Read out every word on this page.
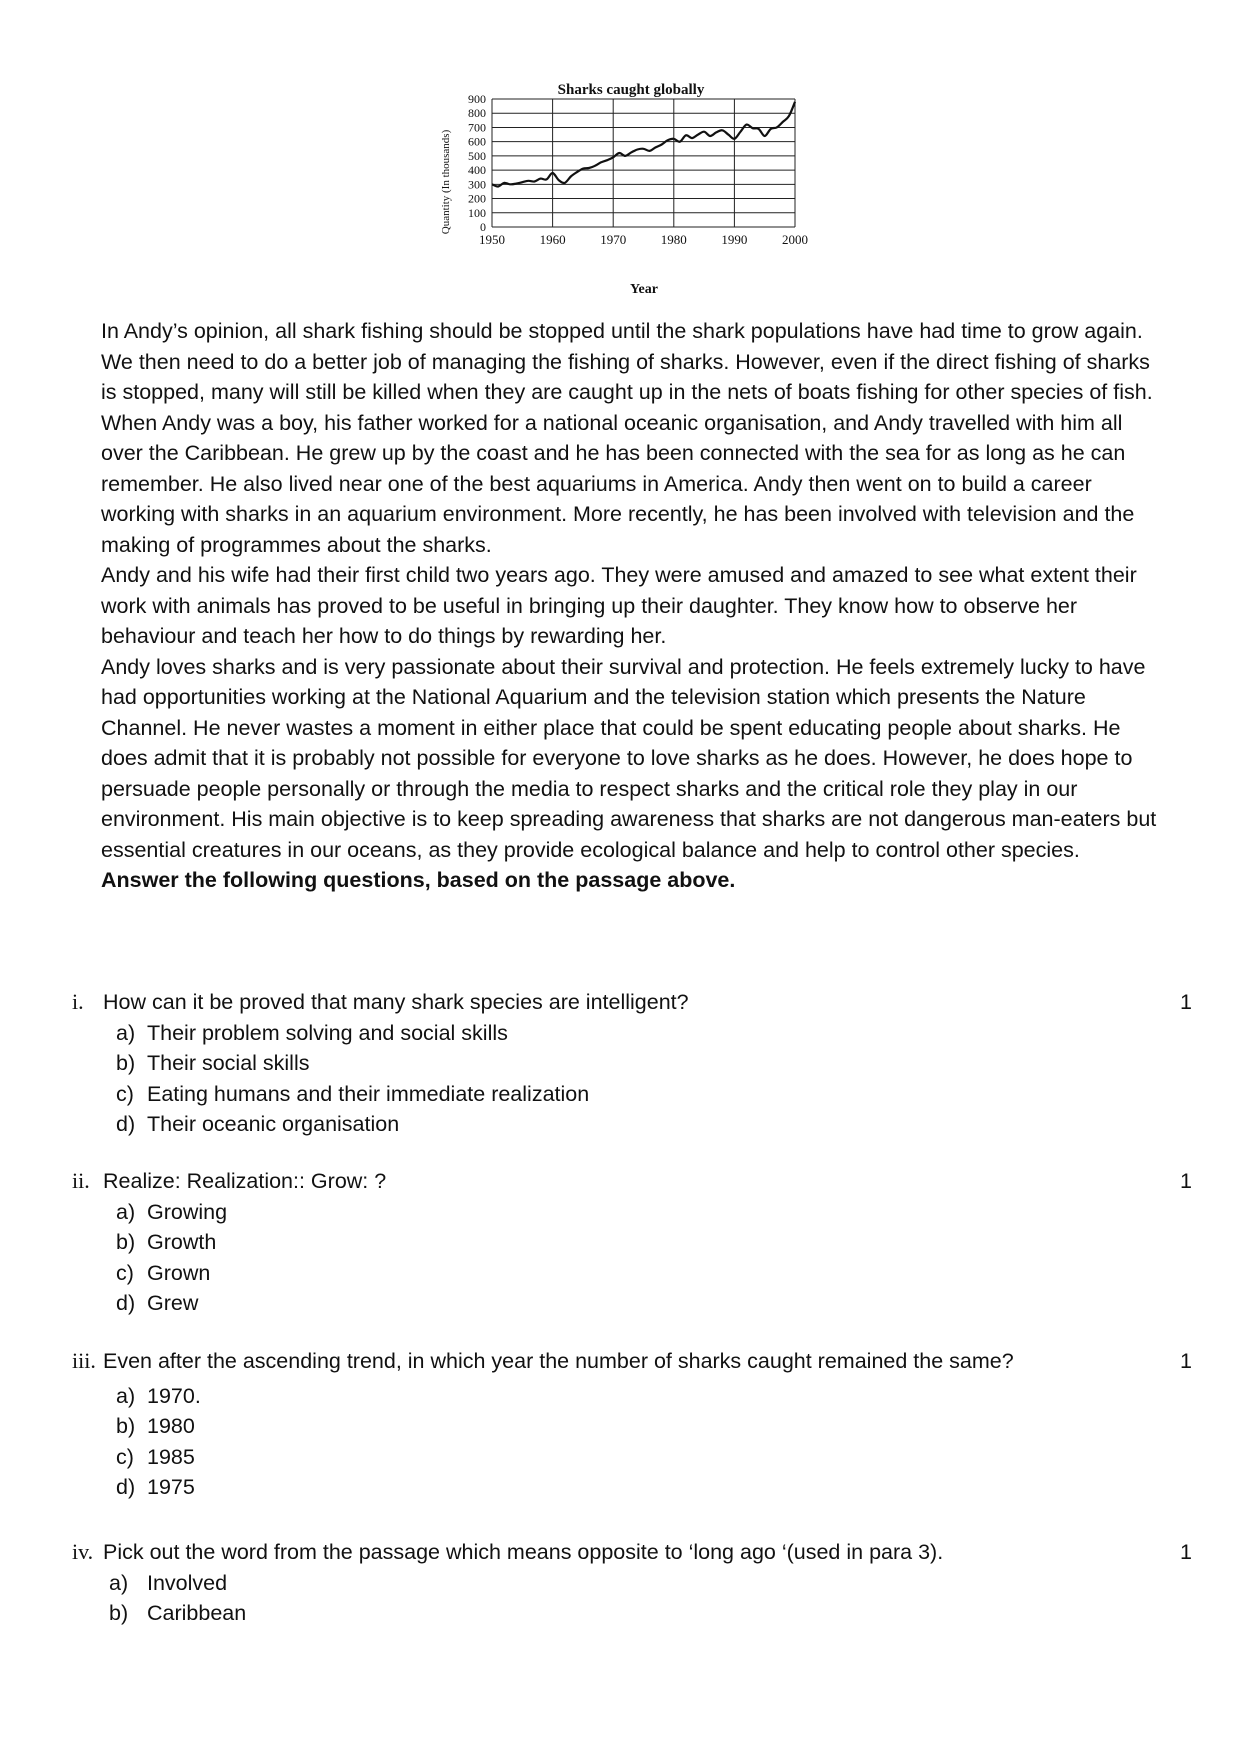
Sharks caught globally
0
100
200
300
400
500
600
700
800
900
1950	1960	1970	1980	1990	2000
Quantity (In thousands)
Year

In Andy’s opinion, all shark fishing should be stopped until the shark populations have had time to grow again. We then need to do a better job of managing the fishing of sharks. However, even if the direct fishing of sharks is stopped, many will still be killed when they are caught up in the nets of boats fishing for other species of fish.

When Andy was a boy, his father worked for a national oceanic organisation, and Andy travelled with him all over the Caribbean. He grew up by the coast and he has been connected with the sea for as long as he can remember. He also lived near one of the best aquariums in America. Andy then went on to build a career working with sharks in an aquarium environment. More recently, he has been involved with television and the making of programmes about the sharks.

Andy and his wife had their first child two years ago. They were amused and amazed to see what extent their work with animals has proved to be useful in bringing up their daughter. They know how to observe her behaviour and teach her how to do things by rewarding her.

Andy loves sharks and is very passionate about their survival and protection. He feels extremely lucky to have had opportunities working at the National Aquarium and the television station which presents the Nature Channel. He never wastes a moment in either place that could be spent educating people about sharks. He does admit that it is probably not possible for everyone to love sharks as he does. However, he does hope to persuade people personally or through the media to respect sharks and the critical role they play in our environment. His main objective is to keep spreading awareness that sharks are not dangerous man-eaters but essential creatures in our oceans, as they provide ecological balance and help to control other species.

Answer the following questions, based on the passage above.

i. How can it be proved that many shark species are intelligent?	1
a) Their problem solving and social skills
b) Their social skills
c) Eating humans and their immediate realization
d) Their oceanic organisation
ii. Realize: Realization:: Grow: ?	1
a) Growing
b) Growth
c) Grown
d) Grew
iii. Even after the ascending trend, in which year the number of sharks caught remained the same?	1
a) 1970.
b) 1980
c) 1985
d) 1975
iv. Pick out the word from the passage which means opposite to ‘long ago ‘(used in para 3).	1
a) Involved
b) Caribbean
